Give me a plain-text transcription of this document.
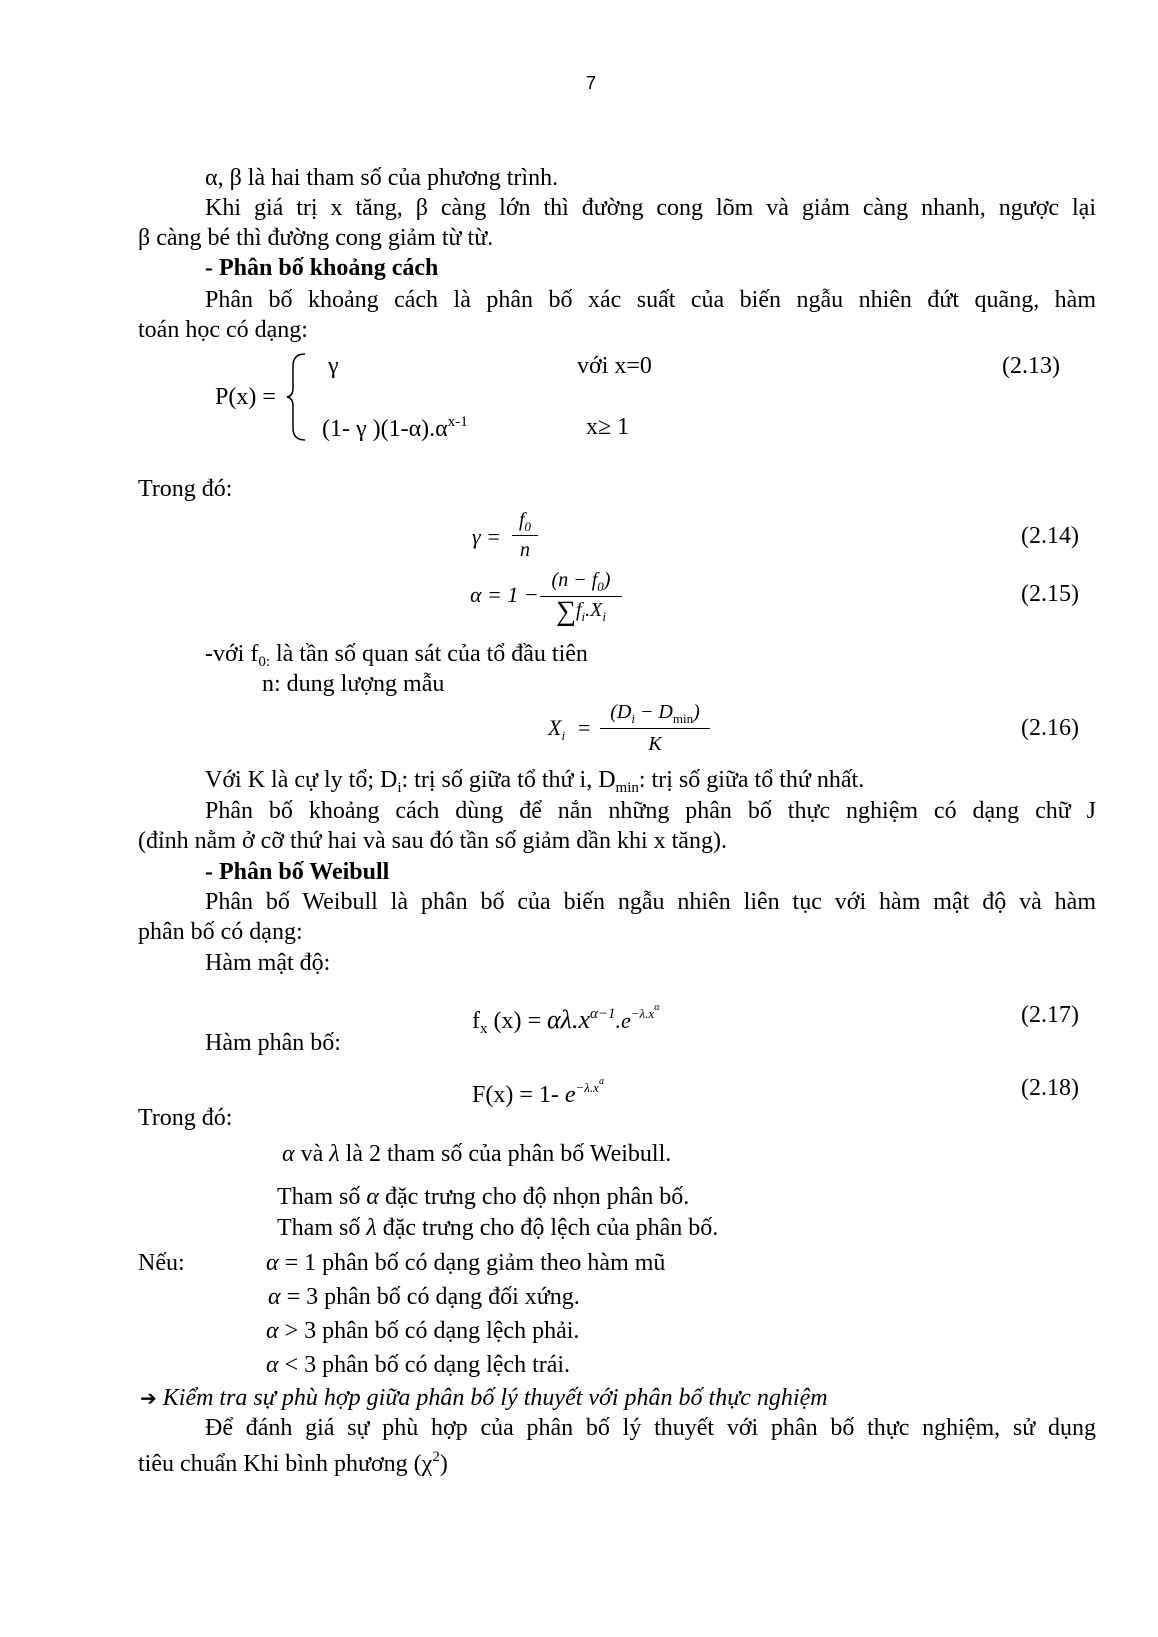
7
α, β là hai tham số của phương trình.
Khi giá trị x tăng, β càng lớn thì đường cong lõm và giảm càng nhanh, ngược lại
β càng bé thì đường cong giảm từ từ.
- Phân bố khoảng cách
Phân bố khoảng cách là phân bố xác suất của biến ngẫu nhiên đứt quãng, hàm
toán học có dạng:
P(x) =
γ	với x=0
(1- γ )$(1-\alpha).\alpha^{x-1}$	x≥ 1
(2.13)
Trong đó:
γ =
$f_0$
n
(2.14)
α = 1 −
$(n - f_0)$
$\sum f_i.X_i$
(2.15)
-với $f_{0:}$ là tần số quan sát của tổ đầu tiên
n: dung lượng mẫu
$X_i$ =
$(D_i - D_{min})$
K
(2.16)
Với K là cự ly tổ; $D_i$: trị số giữa tổ thứ i, $D_{min}$: trị số giữa tổ thứ nhất.
Phân bố khoảng cách dùng để nắn những phân bố thực nghiệm có dạng chữ J
(đỉnh nằm ở cỡ thứ hai và sau đó tần số giảm dần khi x tăng).
- Phân bố Weibull
Phân bố Weibull là phân bố của biến ngẫu nhiên liên tục với hàm mật độ và hàm
phân bố có dạng:
Hàm mật độ:
$f_x$ $(x) = \alpha\lambda.x^{\alpha-1}.e^{-\lambda.x\alpha}$	(2.17)
Hàm phân bố:
F(x) = 1- $e^{-\lambda.xa}$	(2.18)
Trong đó:
α và λ là 2 tham số của phân bố Weibull.
Tham số α đặc trưng cho độ nhọn phân bố.
Tham số λ đặc trưng cho độ lệch của phân bố.
Nếu:	α = 1 phân bố có dạng giảm theo hàm mũ
α = 3 phân bố có dạng đối xứng.
α > 3 phân bố có dạng lệch phải.
α < 3 phân bố có dạng lệch trái.
➔ Kiểm tra sự phù hợp giữa phân bố lý thuyết với phân bố thực nghiệm
Để đánh giá sự phù hợp của phân bố lý thuyết với phân bố thực nghiệm, sử dụng
tiêu chuẩn Khi bình phương $(\chi^2)$
